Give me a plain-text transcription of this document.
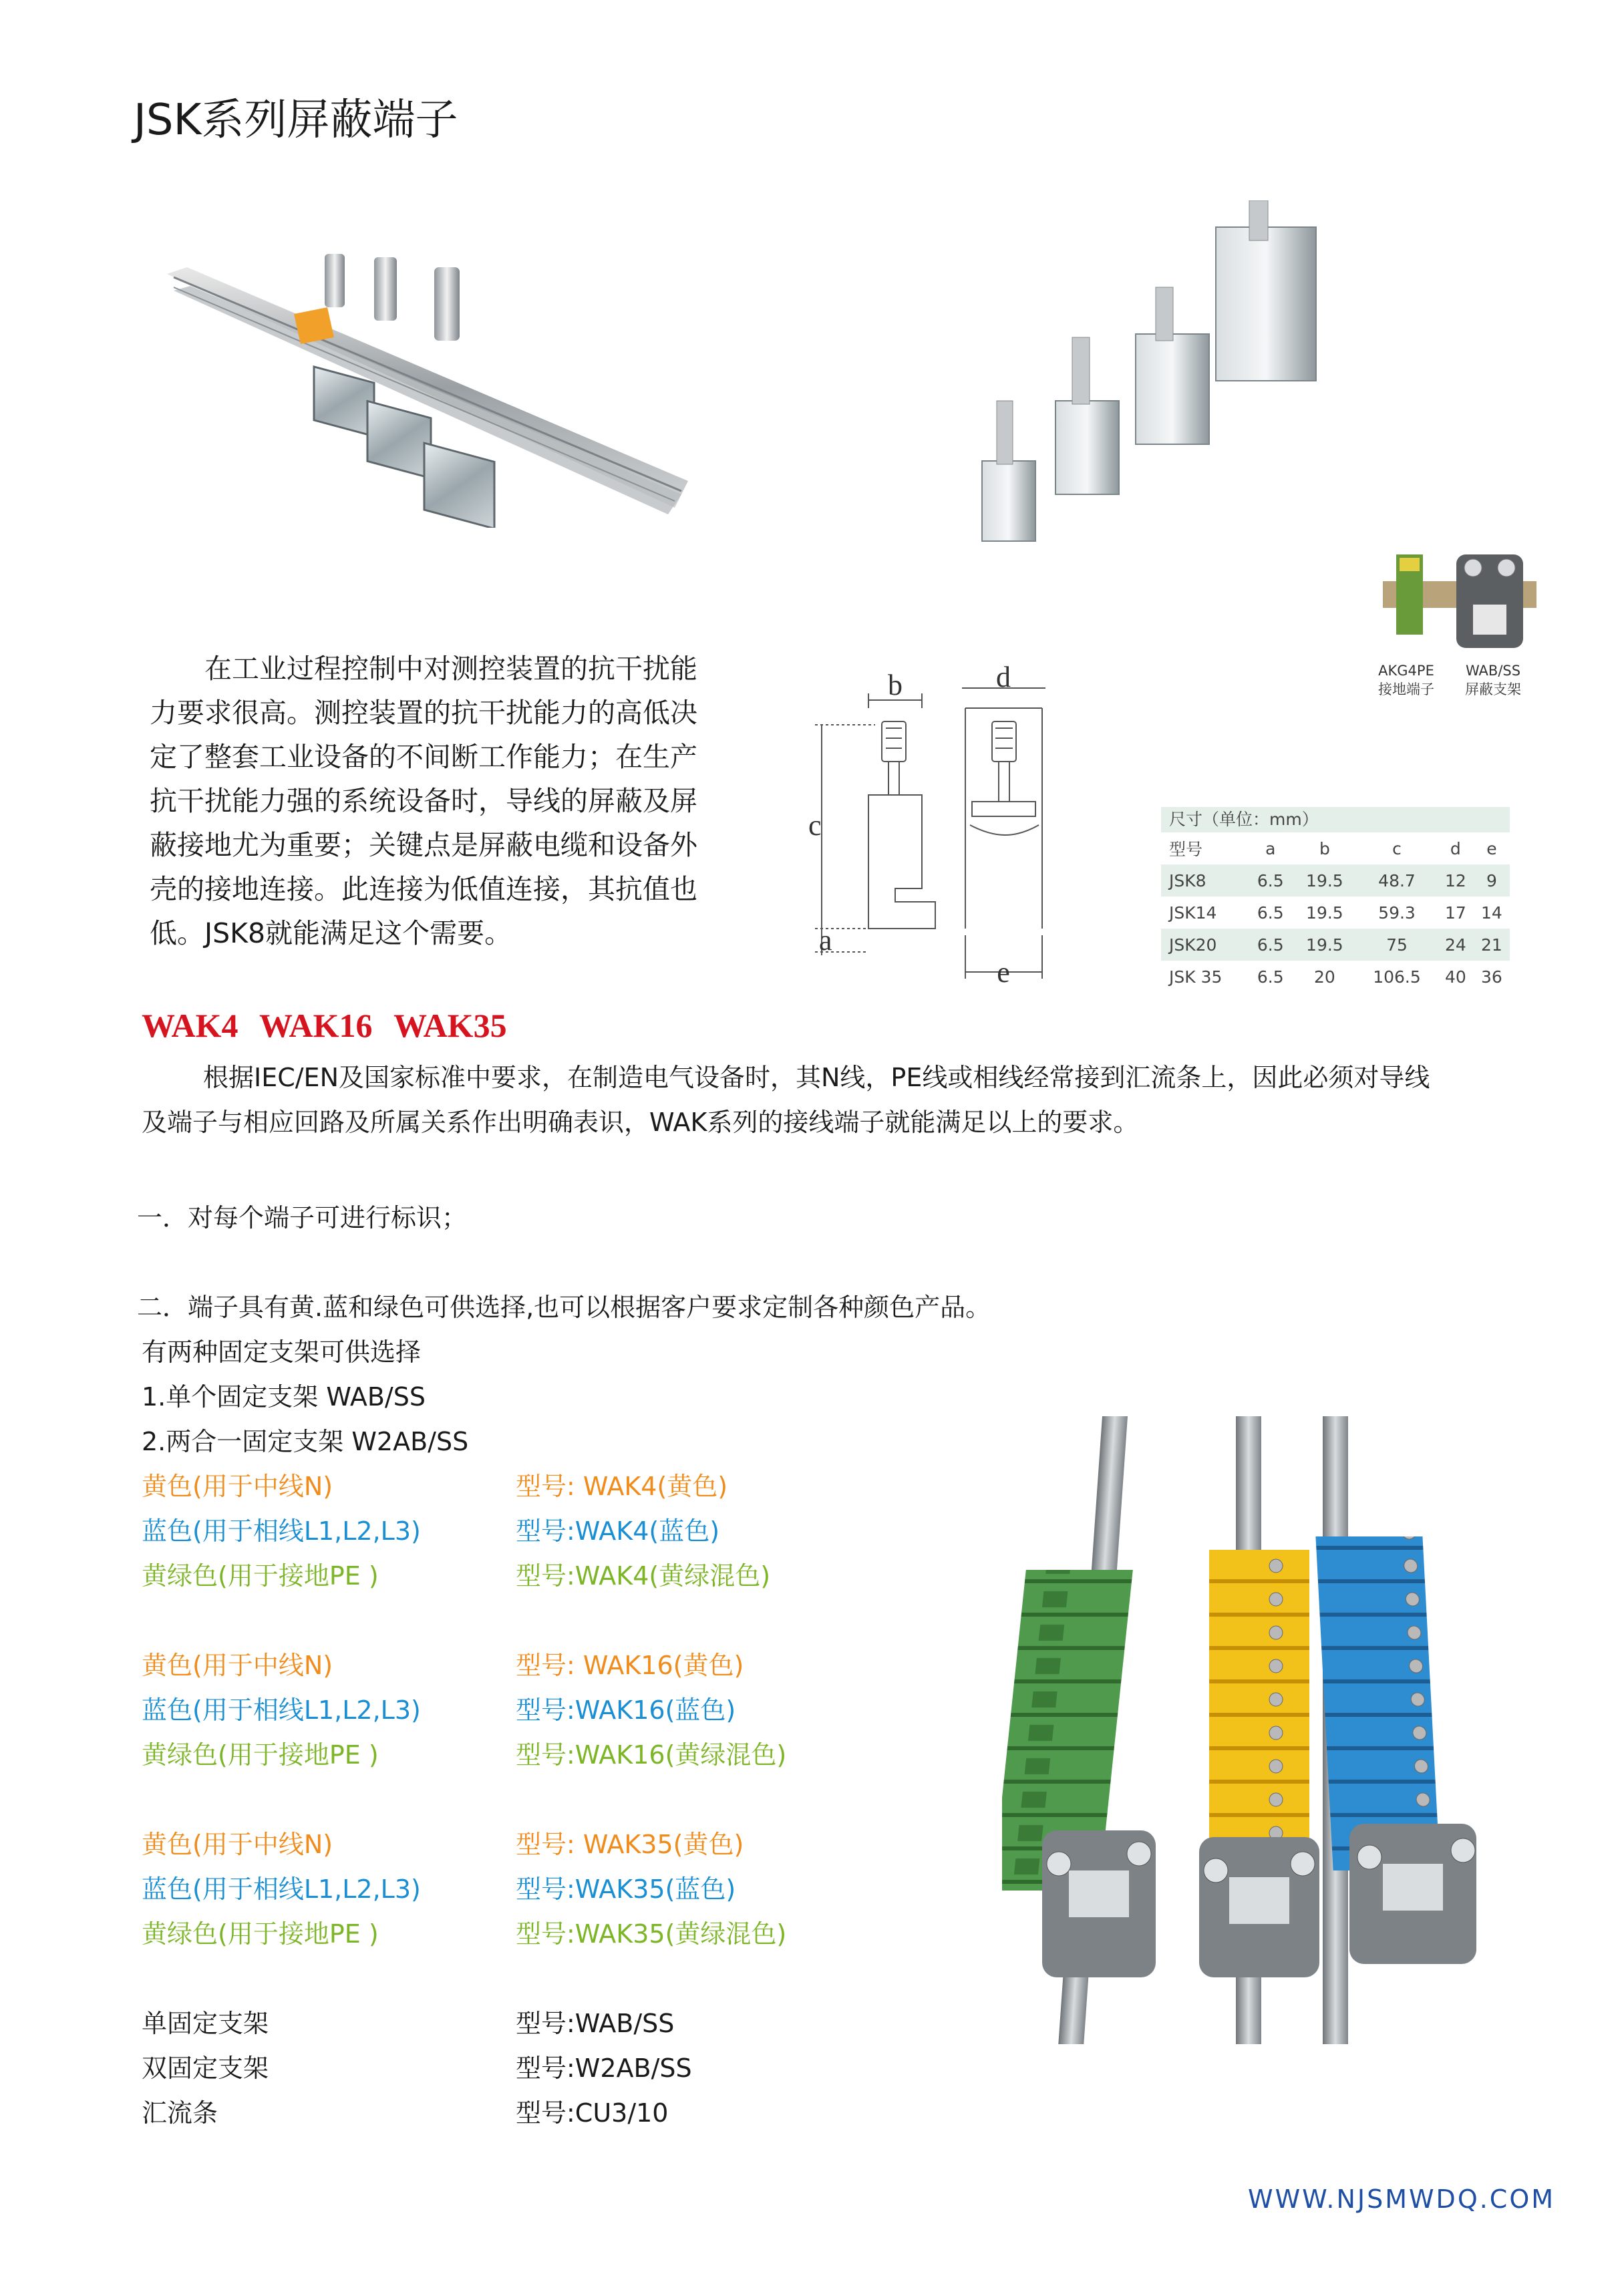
JSK系列屏蔽端子
AKG4PE
接地端子
WAB/SS
屏蔽支架
在工业过程控制中对测控装置的抗干扰能
力要求很高。测控装置的抗干扰能力的高低决
定了整套工业设备的不间断工作能力；在生产
抗干扰能力强的系统设备时，导线的屏蔽及屏
蔽接地尤为重要；关键点是屏蔽电缆和设备外
壳的接地连接。此连接为低值连接，其抗值也
低。JSK8就能满足这个需要。
b
c
a
d
e
尺寸（单位：mm）
型号	a	b	c	d	e
JSK8	6.5	19.5	48.7	12	9
JSK14	6.5	19.5	59.3	17	14
JSK20	6.5	19.5	75	24	21
JSK 35	6.5	20	106.5	40	36
WAK4 WAK16 WAK35
根据IEC/EN及国家标准中要求，在制造电气设备时，其N线，PE线或相线经常接到汇流条上，因此必须对导线
及端子与相应回路及所属关系作出明确表识，WAK系列的接线端子就能满足以上的要求。
一．对每个端子可进行标识；
二．端子具有黄.蓝和绿色可供选择,也可以根据客户要求定制各种颜色产品。
有两种固定支架可供选择
1.单个固定支架 WAB/SS
2.两合一固定支架 W2AB/SS
黄色(用于中线N)	型号: WAK4(黄色)
蓝色(用于相线L1,L2,L3)	型号:WAK4(蓝色)
黄绿色(用于接地PE )	型号:WAK4(黄绿混色)
黄色(用于中线N)	型号: WAK16(黄色)
蓝色(用于相线L1,L2,L3)	型号:WAK16(蓝色)
黄绿色(用于接地PE )	型号:WAK16(黄绿混色)
黄色(用于中线N)	型号: WAK35(黄色)
蓝色(用于相线L1,L2,L3)	型号:WAK35(蓝色)
黄绿色(用于接地PE )	型号:WAK35(黄绿混色)
单固定支架	型号:WAB/SS
双固定支架	型号:W2AB/SS
汇流条	型号:CU3/10
WWW.NJSMWDQ.COM
